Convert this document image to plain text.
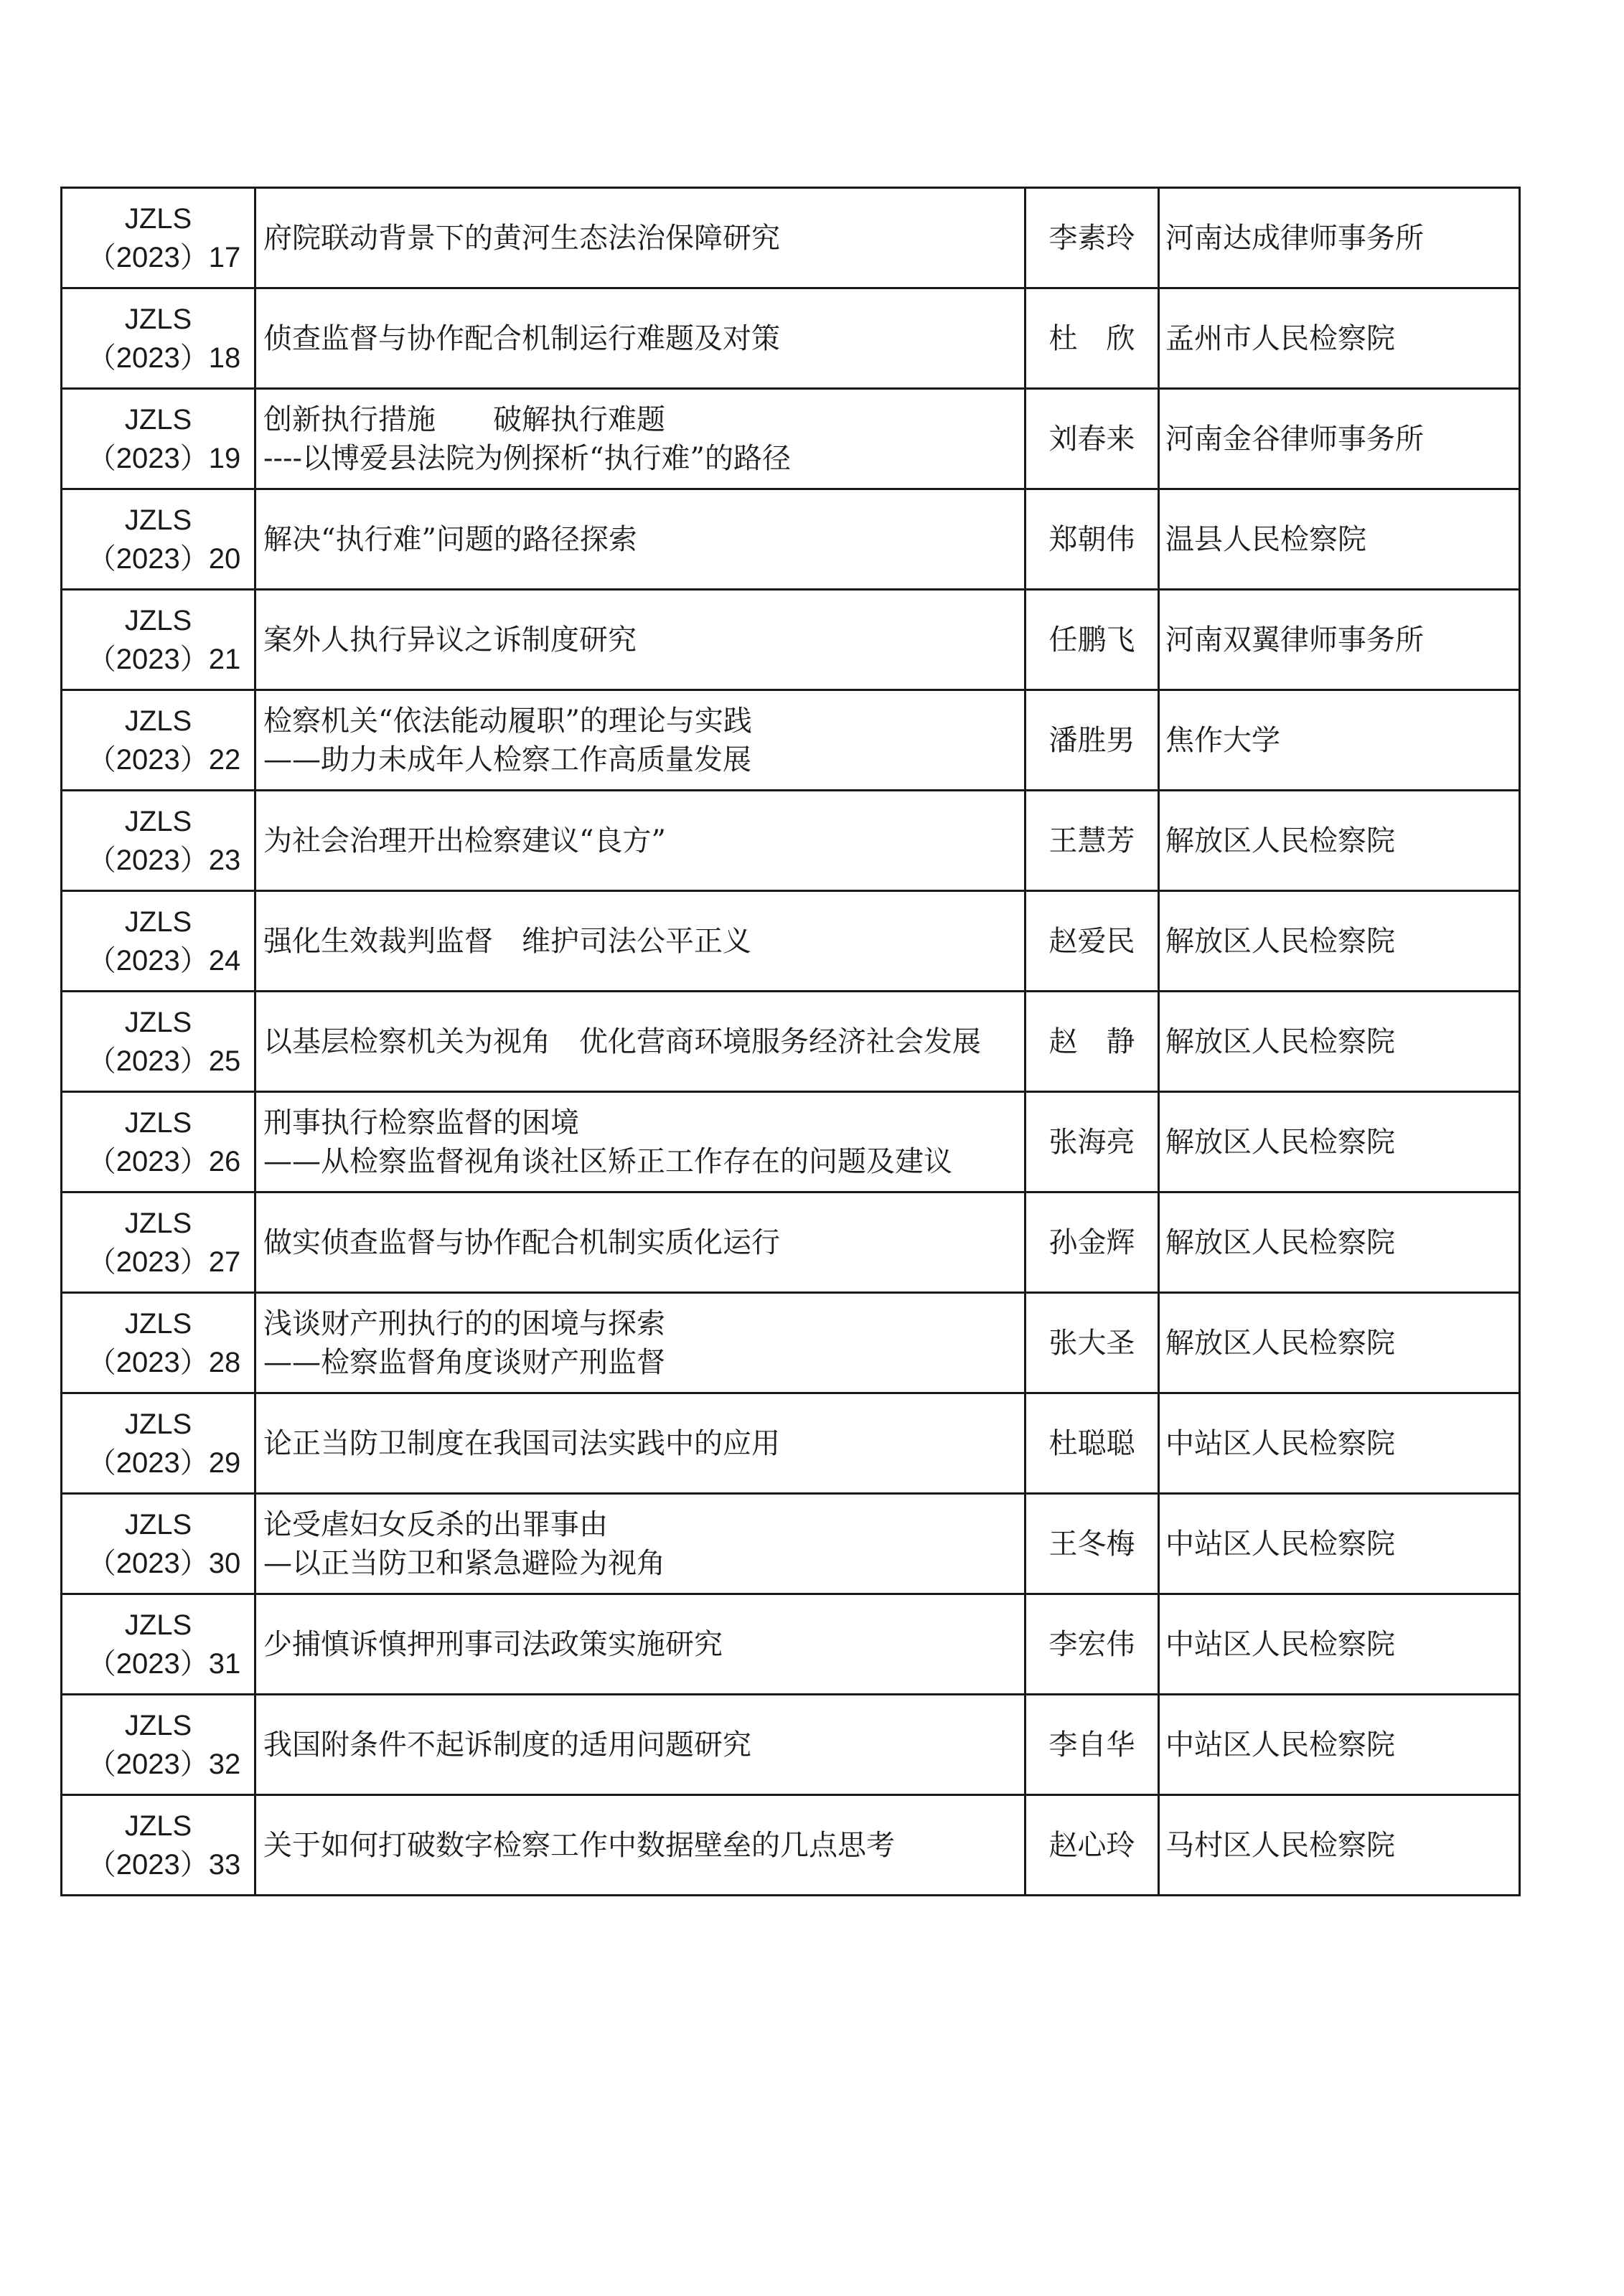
JZLS
（2023）17	府院联动背景下的黄河生态法治保障研究	李素玲	河南达成律师事务所

JZLS
（2023）18	侦查监督与协作配合机制运行难题及对策	杜　欣	孟州市人民检察院

JZLS
（2023）19	创新执行措施　　破解执行难题
----以博爱县法院为例探析“执行难”的路径	刘春来	河南金谷律师事务所

JZLS
（2023）20	解决“执行难”问题的路径探索	郑朝伟	温县人民检察院

JZLS
（2023）21	案外人执行异议之诉制度研究	任鹏飞	河南双翼律师事务所

JZLS
（2023）22	检察机关“依法能动履职”的理论与实践
——助力未成年人检察工作高质量发展	潘胜男	焦作大学

JZLS
（2023）23	为社会治理开出检察建议“良方”	王慧芳	解放区人民检察院

JZLS
（2023）24	强化生效裁判监督　维护司法公平正义	赵爱民	解放区人民检察院

JZLS
（2023）25	以基层检察机关为视角　优化营商环境服务经济社会发展	赵　静	解放区人民检察院

JZLS
（2023）26	刑事执行检察监督的困境
——从检察监督视角谈社区矫正工作存在的问题及建议	张海亮	解放区人民检察院

JZLS
（2023）27	做实侦查监督与协作配合机制实质化运行	孙金辉	解放区人民检察院

JZLS
（2023）28	浅谈财产刑执行的的困境与探索
——检察监督角度谈财产刑监督	张大圣	解放区人民检察院

JZLS
（2023）29	论正当防卫制度在我国司法实践中的应用	杜聪聪	中站区人民检察院

JZLS
（2023）30	论受虐妇女反杀的出罪事由
—以正当防卫和紧急避险为视角	王冬梅	中站区人民检察院

JZLS
（2023）31	少捕慎诉慎押刑事司法政策实施研究	李宏伟	中站区人民检察院

JZLS
（2023）32	我国附条件不起诉制度的适用问题研究	李自华	中站区人民检察院

JZLS
（2023）33	关于如何打破数字检察工作中数据壁垒的几点思考	赵心玲	马村区人民检察院
